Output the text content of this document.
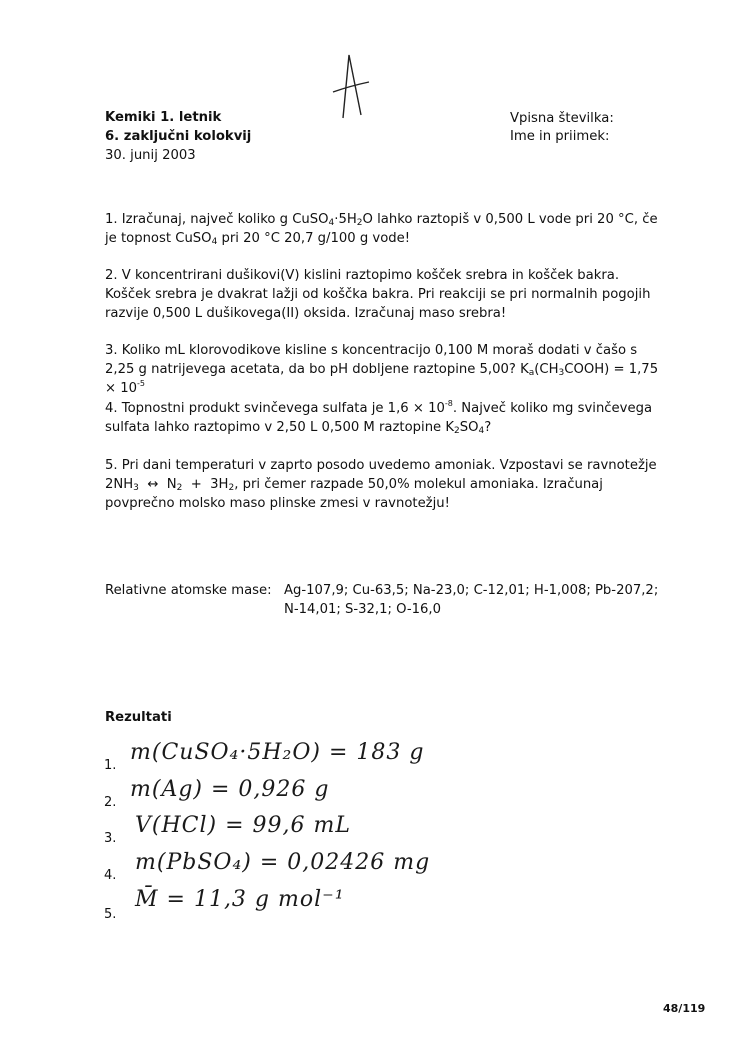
Kemiki 1. letnik
6. zaključni kolokvij
30. junij 2003
Vpisna številka:
Ime in priimek:

1. Izračunaj, največ koliko g $CuSO_4\cdot 5H_2O$ lahko raztopiš v 0,500 L vode pri 20 °C, če je topnost CuSO$_4$ pri 20 °C 20,7 g/100 g vode!

2. V koncentrirani dušikovi(V) kislini raztopimo košček srebra in košček bakra. Košček srebra je dvakrat lažji od koščka bakra. Pri reakciji se pri normalnih pogojih razvije 0,500 L dušikovega(II) oksida. Izračunaj maso srebra!

3. Koliko mL klorovodikove kisline s koncentracijo 0,100 M moraš dodati v čašo s 2,25 g natrijevega acetata, da bo pH dobljene raztopine 5,00? $K_a(CH_3COOH) = 1,75 \times 10^{-5}$

4. Topnostni produkt svinčevega sulfata je $1,6 \times 10^{-8}$. Največ koliko mg svinčevega sulfata lahko raztopimo v 2,50 L 0,500 M raztopine $K_2SO_4$?

5. Pri dani temperaturi v zaprto posodo uvedemo amoniak. Vzpostavi se ravnotežje
$2NH_3$  ↔  $N_2 + 3H_2$, pri čemer razpade 50,0% molekul amoniaka. Izračunaj povprečno molsko maso plinske zmesi v ravnotežju!

Relativne atomske mase: Ag-107,9; Cu-63,5; Na-23,0; C-12,01; H-1,008; Pb-207,2;
N-14,01; S-32,1; O-16,0
Rezultati
1.
m(CuSO₄·5H₂O) = 183 g
2.
m(Ag) = 0,926 g
3.
V(HCl) = 99,6 mL
4.
m(PbSO₄) = 0,02426 mg
5.
M̄ = 11,3 g mol⁻¹
48/119
